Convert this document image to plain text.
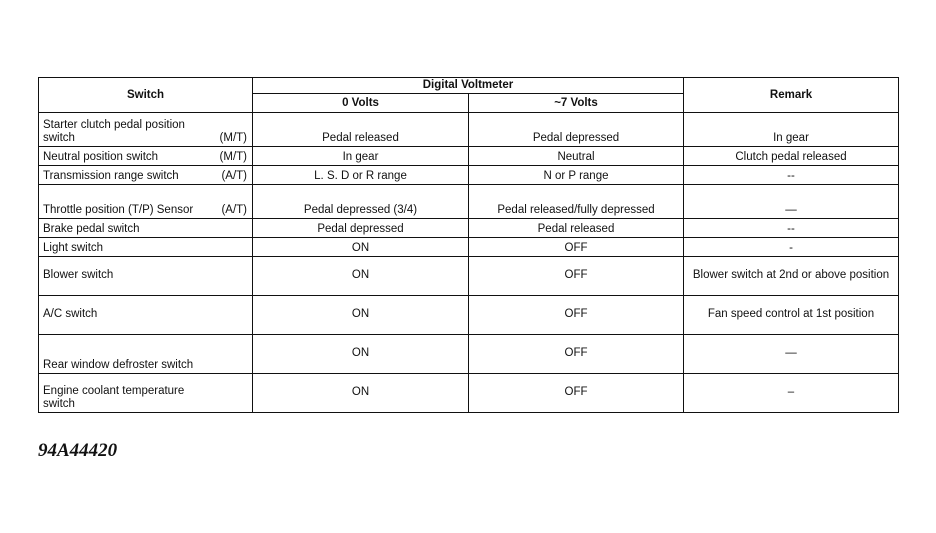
Switch	Digital Voltmeter		Remark
	0 Volts	~7 Volts	

Starter clutch pedal position switch (M/T)	Pedal released	Pedal depressed	In gear

Neutral position switch (M/T)	In gear	Neutral	Clutch pedal released

Transmission range switch (A/T)	L. S. D or R range	N or P range	--

Throttle position (T/P) Sensor (A/T)	Pedal depressed (3/4)	Pedal released/fully depressed	—

Brake pedal switch	Pedal depressed	Pedal released	--

Light switch	ON	OFF	-

Blower switch	ON	OFF	Blower switch at 2nd or above position

A/C switch	ON	OFF	Fan speed control at 1st position

Rear window defroster switch	ON	OFF	—

Engine coolant temperature switch	ON	OFF	–
94A44420
